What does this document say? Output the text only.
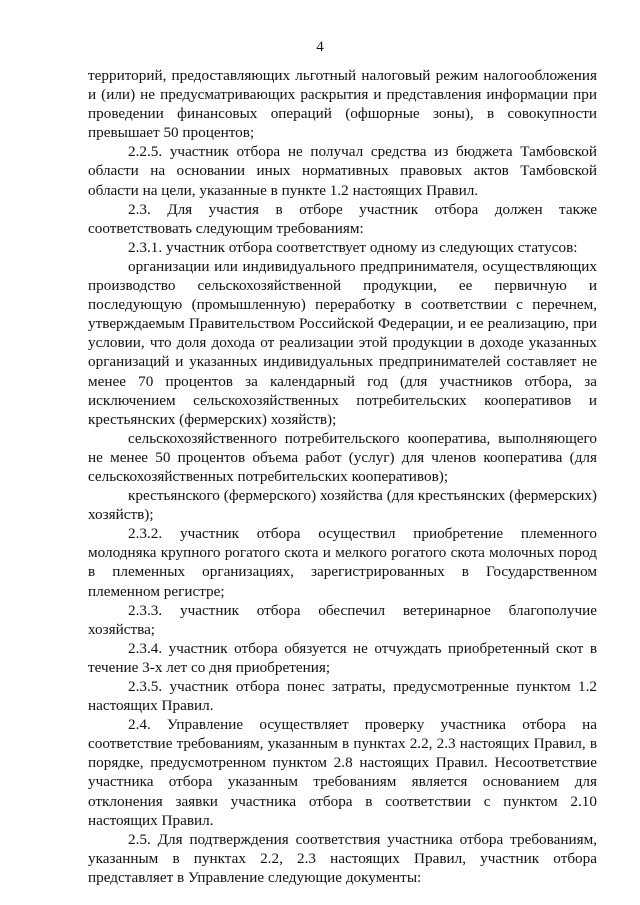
4

территорий, предоставляющих льготный налоговый режим налогообложения и (или) не предусматривающих раскрытия и представления информации при проведении финансовых операций (офшорные зоны), в совокупности превышает 50 процентов;

2.2.5. участник отбора не получал средства из бюджета Тамбовской области на основании иных нормативных правовых актов Тамбовской области на цели, указанные в пункте 1.2 настоящих Правил.

2.3. Для участия в отборе участник отбора должен также соответствовать следующим требованиям:

2.3.1. участник отбора соответствует одному из следующих статусов:

организации или индивидуального предпринимателя, осуществляющих производство сельскохозяйственной продукции, ее первичную и последующую (промышленную) переработку в соответствии с перечнем, утверждаемым Правительством Российской Федерации, и ее реализацию, при условии, что доля дохода от реализации этой продукции в доходе указанных организаций и указанных индивидуальных предпринимателей составляет не менее 70 процентов за календарный год (для участников отбора, за исключением сельскохозяйственных потребительских кооперативов и крестьянских (фермерских) хозяйств);

сельскохозяйственного потребительского кооператива, выполняющего не менее 50 процентов объема работ (услуг) для членов кооператива (для сельскохозяйственных потребительских кооперативов);

крестьянского (фермерского) хозяйства (для крестьянских (фермерских) хозяйств);

2.3.2. участник отбора осуществил приобретение племенного молодняка крупного рогатого скота и мелкого рогатого скота молочных пород в племенных организациях, зарегистрированных в Государственном племенном регистре;

2.3.3. участник отбора обеспечил ветеринарное благополучие хозяйства;

2.3.4. участник отбора обязуется не отчуждать приобретенный скот в течение 3-х лет со дня приобретения;

2.3.5. участник отбора понес затраты, предусмотренные пунктом 1.2 настоящих Правил.

2.4. Управление осуществляет проверку участника отбора на соответствие требованиям, указанным в пунктах 2.2, 2.3 настоящих Правил, в порядке, предусмотренном пунктом 2.8 настоящих Правил. Несоответствие участника отбора указанным требованиям является основанием для отклонения заявки участника отбора в соответствии с пунктом 2.10 настоящих Правил.

2.5. Для подтверждения соответствия участника отбора требованиям, указанным в пунктах 2.2, 2.3 настоящих Правил, участник отбора представляет в Управление следующие документы:
